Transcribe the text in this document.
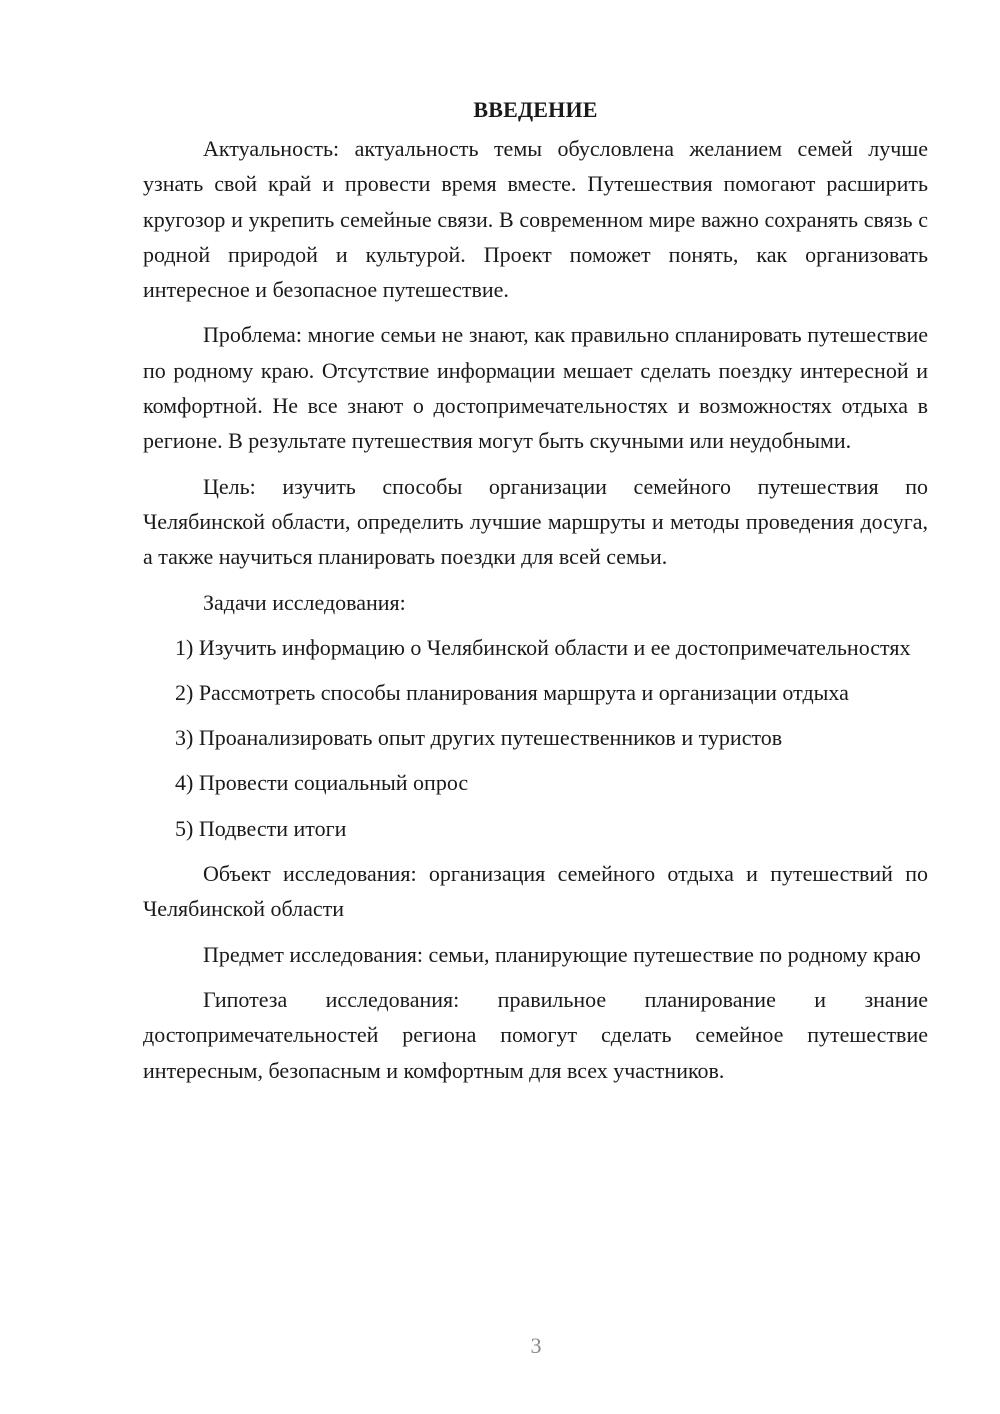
ВВЕДЕНИЕ

Актуальность: актуальность темы обусловлена желанием семей лучше узнать свой край и провести время вместе. Путешествия помогают расширить кругозор и укрепить семейные связи. В современном мире важно сохранять связь с родной природой и культурой. Проект поможет понять, как организовать интересное и безопасное путешествие.

Проблема: многие семьи не знают, как правильно спланировать путешествие по родному краю. Отсутствие информации мешает сделать поездку интересной и комфортной. Не все знают о достопримечательностях и возможностях отдыха в регионе. В результате путешествия могут быть скучными или неудобными.

Цель: изучить способы организации семейного путешествия по Челябинской области, определить лучшие маршруты и методы проведения досуга, а также научиться планировать поездки для всей семьи.

Задачи исследования:

1) Изучить информацию о Челябинской области и ее достопримечательностях

2) Рассмотреть способы планирования маршрута и организации отдыха

3) Проанализировать опыт других путешественников и туристов

4) Провести социальный опрос

5) Подвести итоги

Объект исследования: организация семейного отдыха и путешествий по Челябинской области

Предмет исследования: семьи, планирующие путешествие по родному краю

Гипотеза исследования: правильное планирование и знание достопримечательностей региона помогут сделать семейное путешествие интересным, безопасным и комфортным для всех участников.

3
